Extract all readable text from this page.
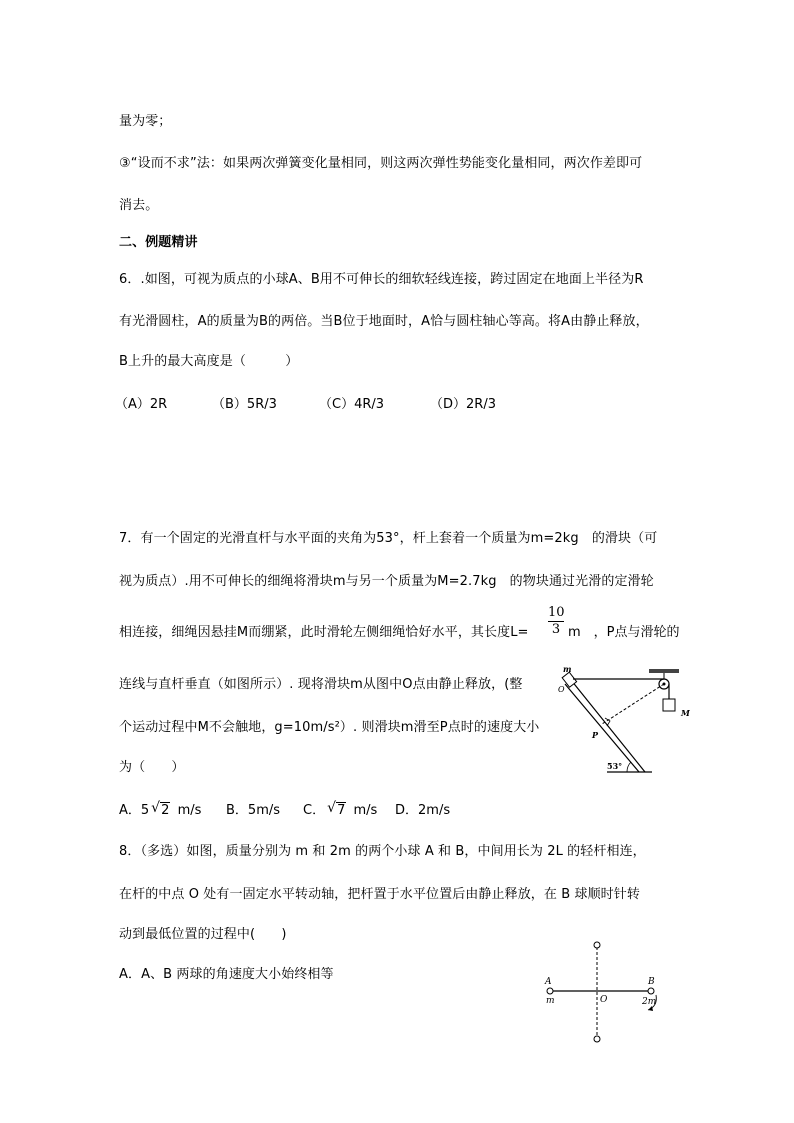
量为零；
③“设而不求”法：如果两次弹簧变化量相同，则这两次弹性势能变化量相同，两次作差即可
消去。
二、例题精讲
6．.如图，可视为质点的小球A、B用不可伸长的细软轻线连接，跨过固定在地面上半径为R
有光滑圆柱，A的质量为B的两倍。当B位于地面时，A恰与圆柱轴心等高。将A由静止释放，
B上升的最大高度是（　　　）
（A）2R	（B）5R/3	（C）4R/3	（D）2R/3
7．有一个固定的光滑直杆与水平面的夹角为53°，杆上套着一个质量为m=2kg　的滑块（可
视为质点）.用不可伸长的细绳将滑块m与另一个质量为M=2.7kg　的物块通过光滑的定滑轮
相连接，细绳因悬挂M而绷紧，此时滑轮左侧细绳恰好水平，其长度L=
10
3 m　，P点与滑轮的
连线与直杆垂直（如图所示）. 现将滑块m从图中O点由静止释放，(整
个运动过程中M不会触地，g=10m/s²）. 则滑块m滑至P点时的速度大小
为（　　）
A．5 √ 2 m/s B．5m/s C． √ 7 m/s D．2m/s
m
O
P
M
53°
8．（多选）如图，质量分别为 m 和 2m 的两个小球 A 和 B，中间用长为 2L 的轻杆相连，
在杆的中点 O 处有一固定水平转动轴，把杆置于水平位置后由静止释放，在 B 球顺时针转
动到最低位置的过程中(　　)
A．A、B 两球的角速度大小始终相等	A	B
O
m	2m
